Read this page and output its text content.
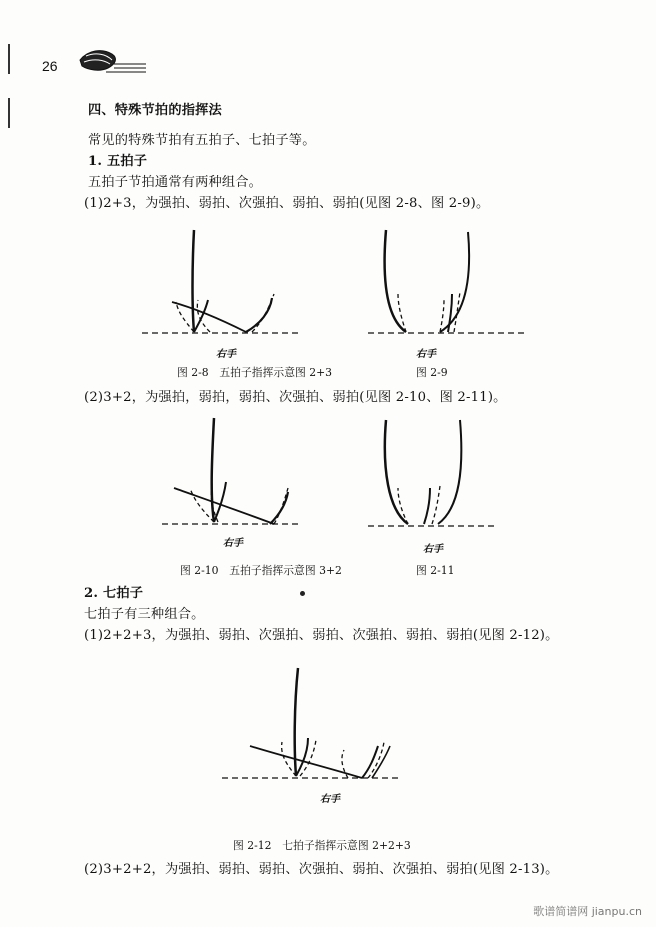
26
四、特殊节拍的指挥法
常见的特殊节拍有五拍子、七拍子等。
1. 五拍子
五拍子节拍通常有两种组合。
(1)2+3，为强拍、弱拍、次强拍、弱拍、弱拍(见图 2-8、图 2-9)。
右手
图 2-8　五拍子指挥示意图 2+3
右手
图 2-9
(2)3+2，为强拍，弱拍，弱拍、次强拍、弱拍(见图 2-10、图 2-11)。
右手
图 2-10　五拍子指挥示意图 3+2
右手
图 2-11
2. 七拍子
七拍子有三种组合。
(1)2+2+3，为强拍、弱拍、次强拍、弱拍、次强拍、弱拍、弱拍(见图 2-12)。
右手
图 2-12　七拍子指挥示意图 2+2+3
(2)3+2+2，为强拍、弱拍、弱拍、次强拍、弱拍、次强拍、弱拍(见图 2-13)。
歌谱简谱网 jianpu.cn
